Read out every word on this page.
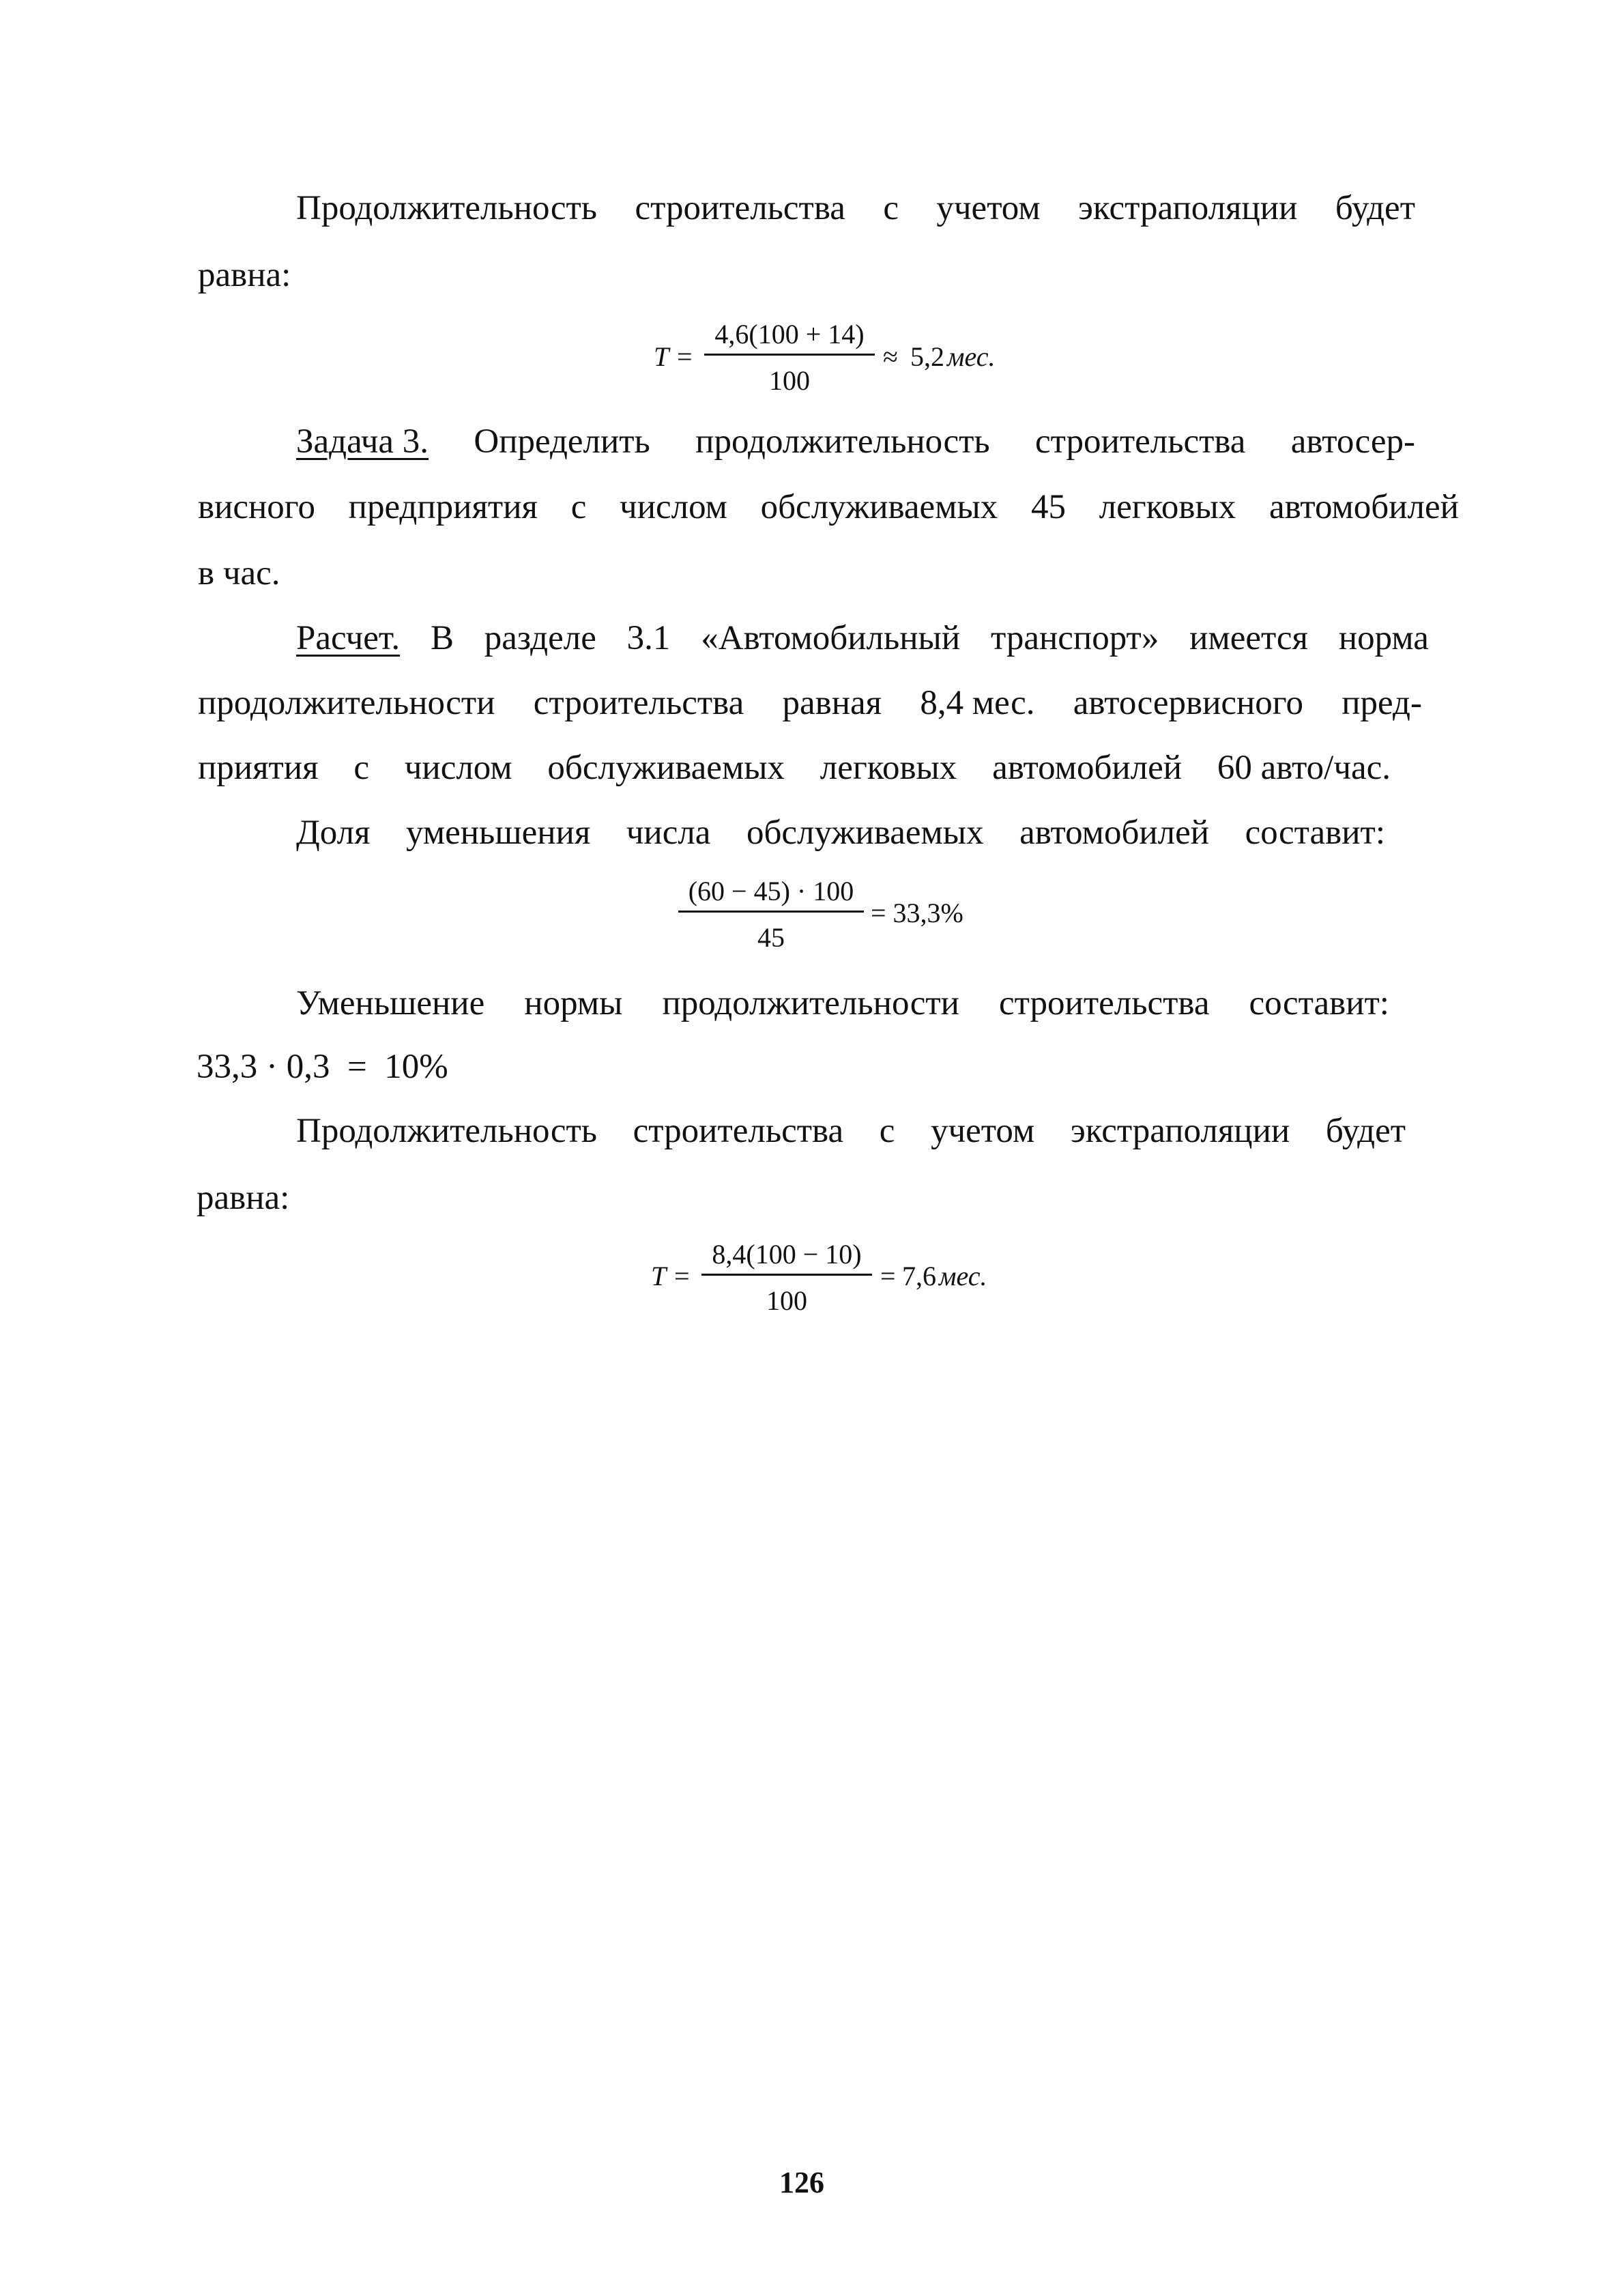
Продолжительность строительства с учетом экстраполяции будет
равна:
T =
4,6(100 + 14)
100
≈ 5,2 мес.
Задача 3. Определить продолжительность строительства автосер-
висного предприятия с числом обслуживаемых 45 легковых автомобилей
в час.
Расчет. В разделе 3.1 «Автомобильный транспорт» имеется норма
продолжительности строительства равная 8,4 мес. автосервисного пред-
приятия с числом обслуживаемых легковых автомобилей 60 авто/час.
Доля уменьшения числа обслуживаемых автомобилей составит:
(60 − 45) · 100
45
= 33,3%
Уменьшение нормы продолжительности строительства составит:
33,3 · 0,3  =  10%
Продолжительность строительства с учетом экстраполяции будет
равна:
T =
8,4(100 − 10)
100
= 7,6 мес.
126
